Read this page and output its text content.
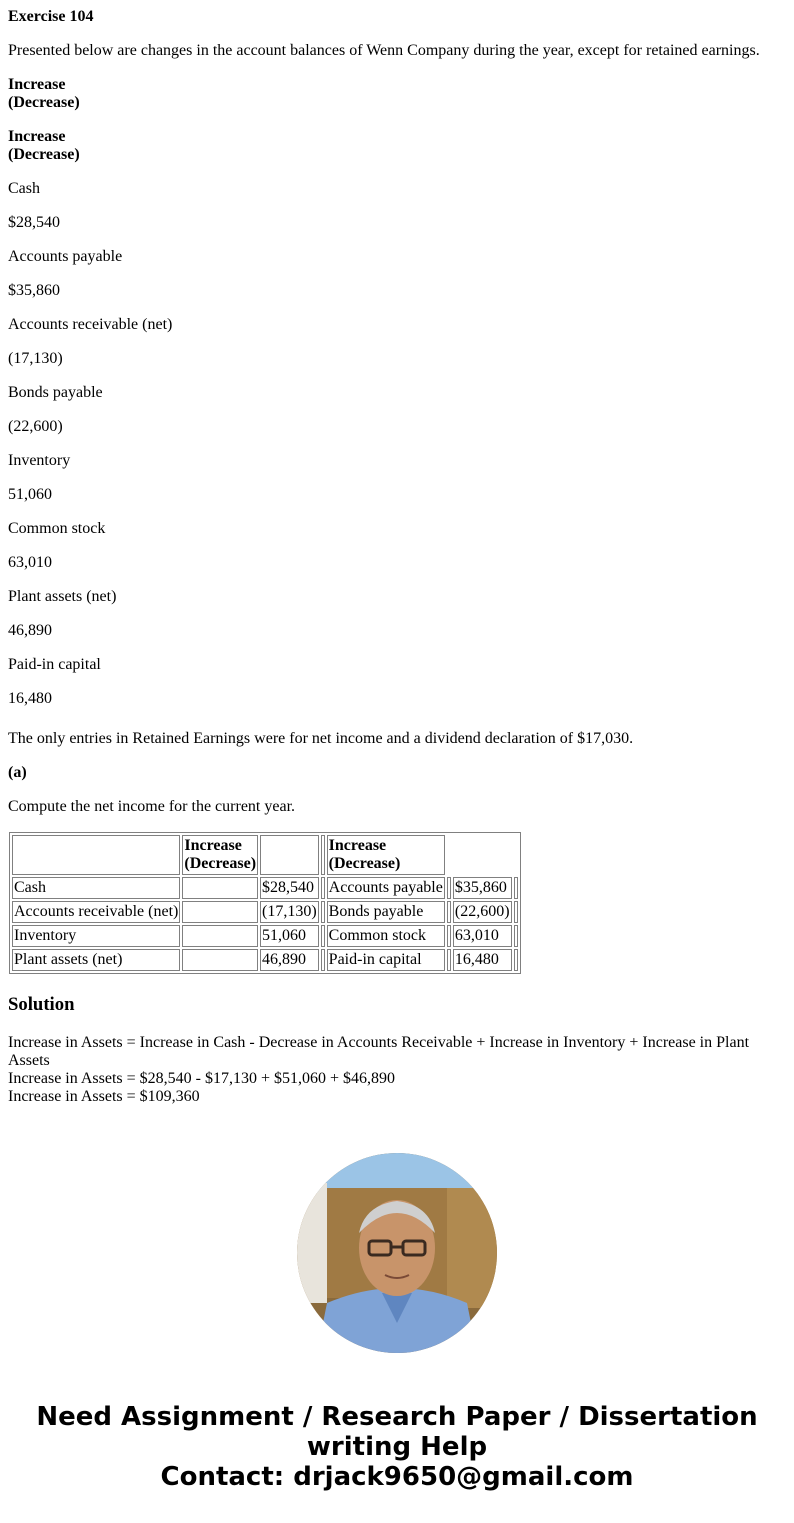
Exercise 104
Presented below are changes in the account balances of Wenn Company during the year, except for retained earnings.
Increase
(Decrease)
Increase
(Decrease)
Cash
$28,540
Accounts payable
$35,860
Accounts receivable (net)
(17,130)
Bonds payable
(22,600)
Inventory
51,060
Common stock
63,010
Plant assets (net)
46,890
Paid-in capital
16,480
The only entries in Retained Earnings were for net income and a dividend declaration of $17,030.
(a)
Compute the net income for the current year.
	Increase
(Decrease)			Increase
(Decrease)			
Cash		$28,540		Accounts payable		$35,860	
Accounts receivable (net)		(17,130)		Bonds payable		(22,600)	
Inventory		51,060		Common stock		63,010	
Plant assets (net)		46,890		Paid-in capital		16,480	
Solution
Increase in Assets = Increase in Cash - Decrease in Accounts Receivable + Increase in Inventory + Increase in Plant Assets
Increase in Assets = $28,540 - $17,130 + $51,060 + $46,890
Increase in Assets = $109,360
Need Assignment / Research Paper / Dissertation
writing Help
Contact: drjack9650@gmail.com
